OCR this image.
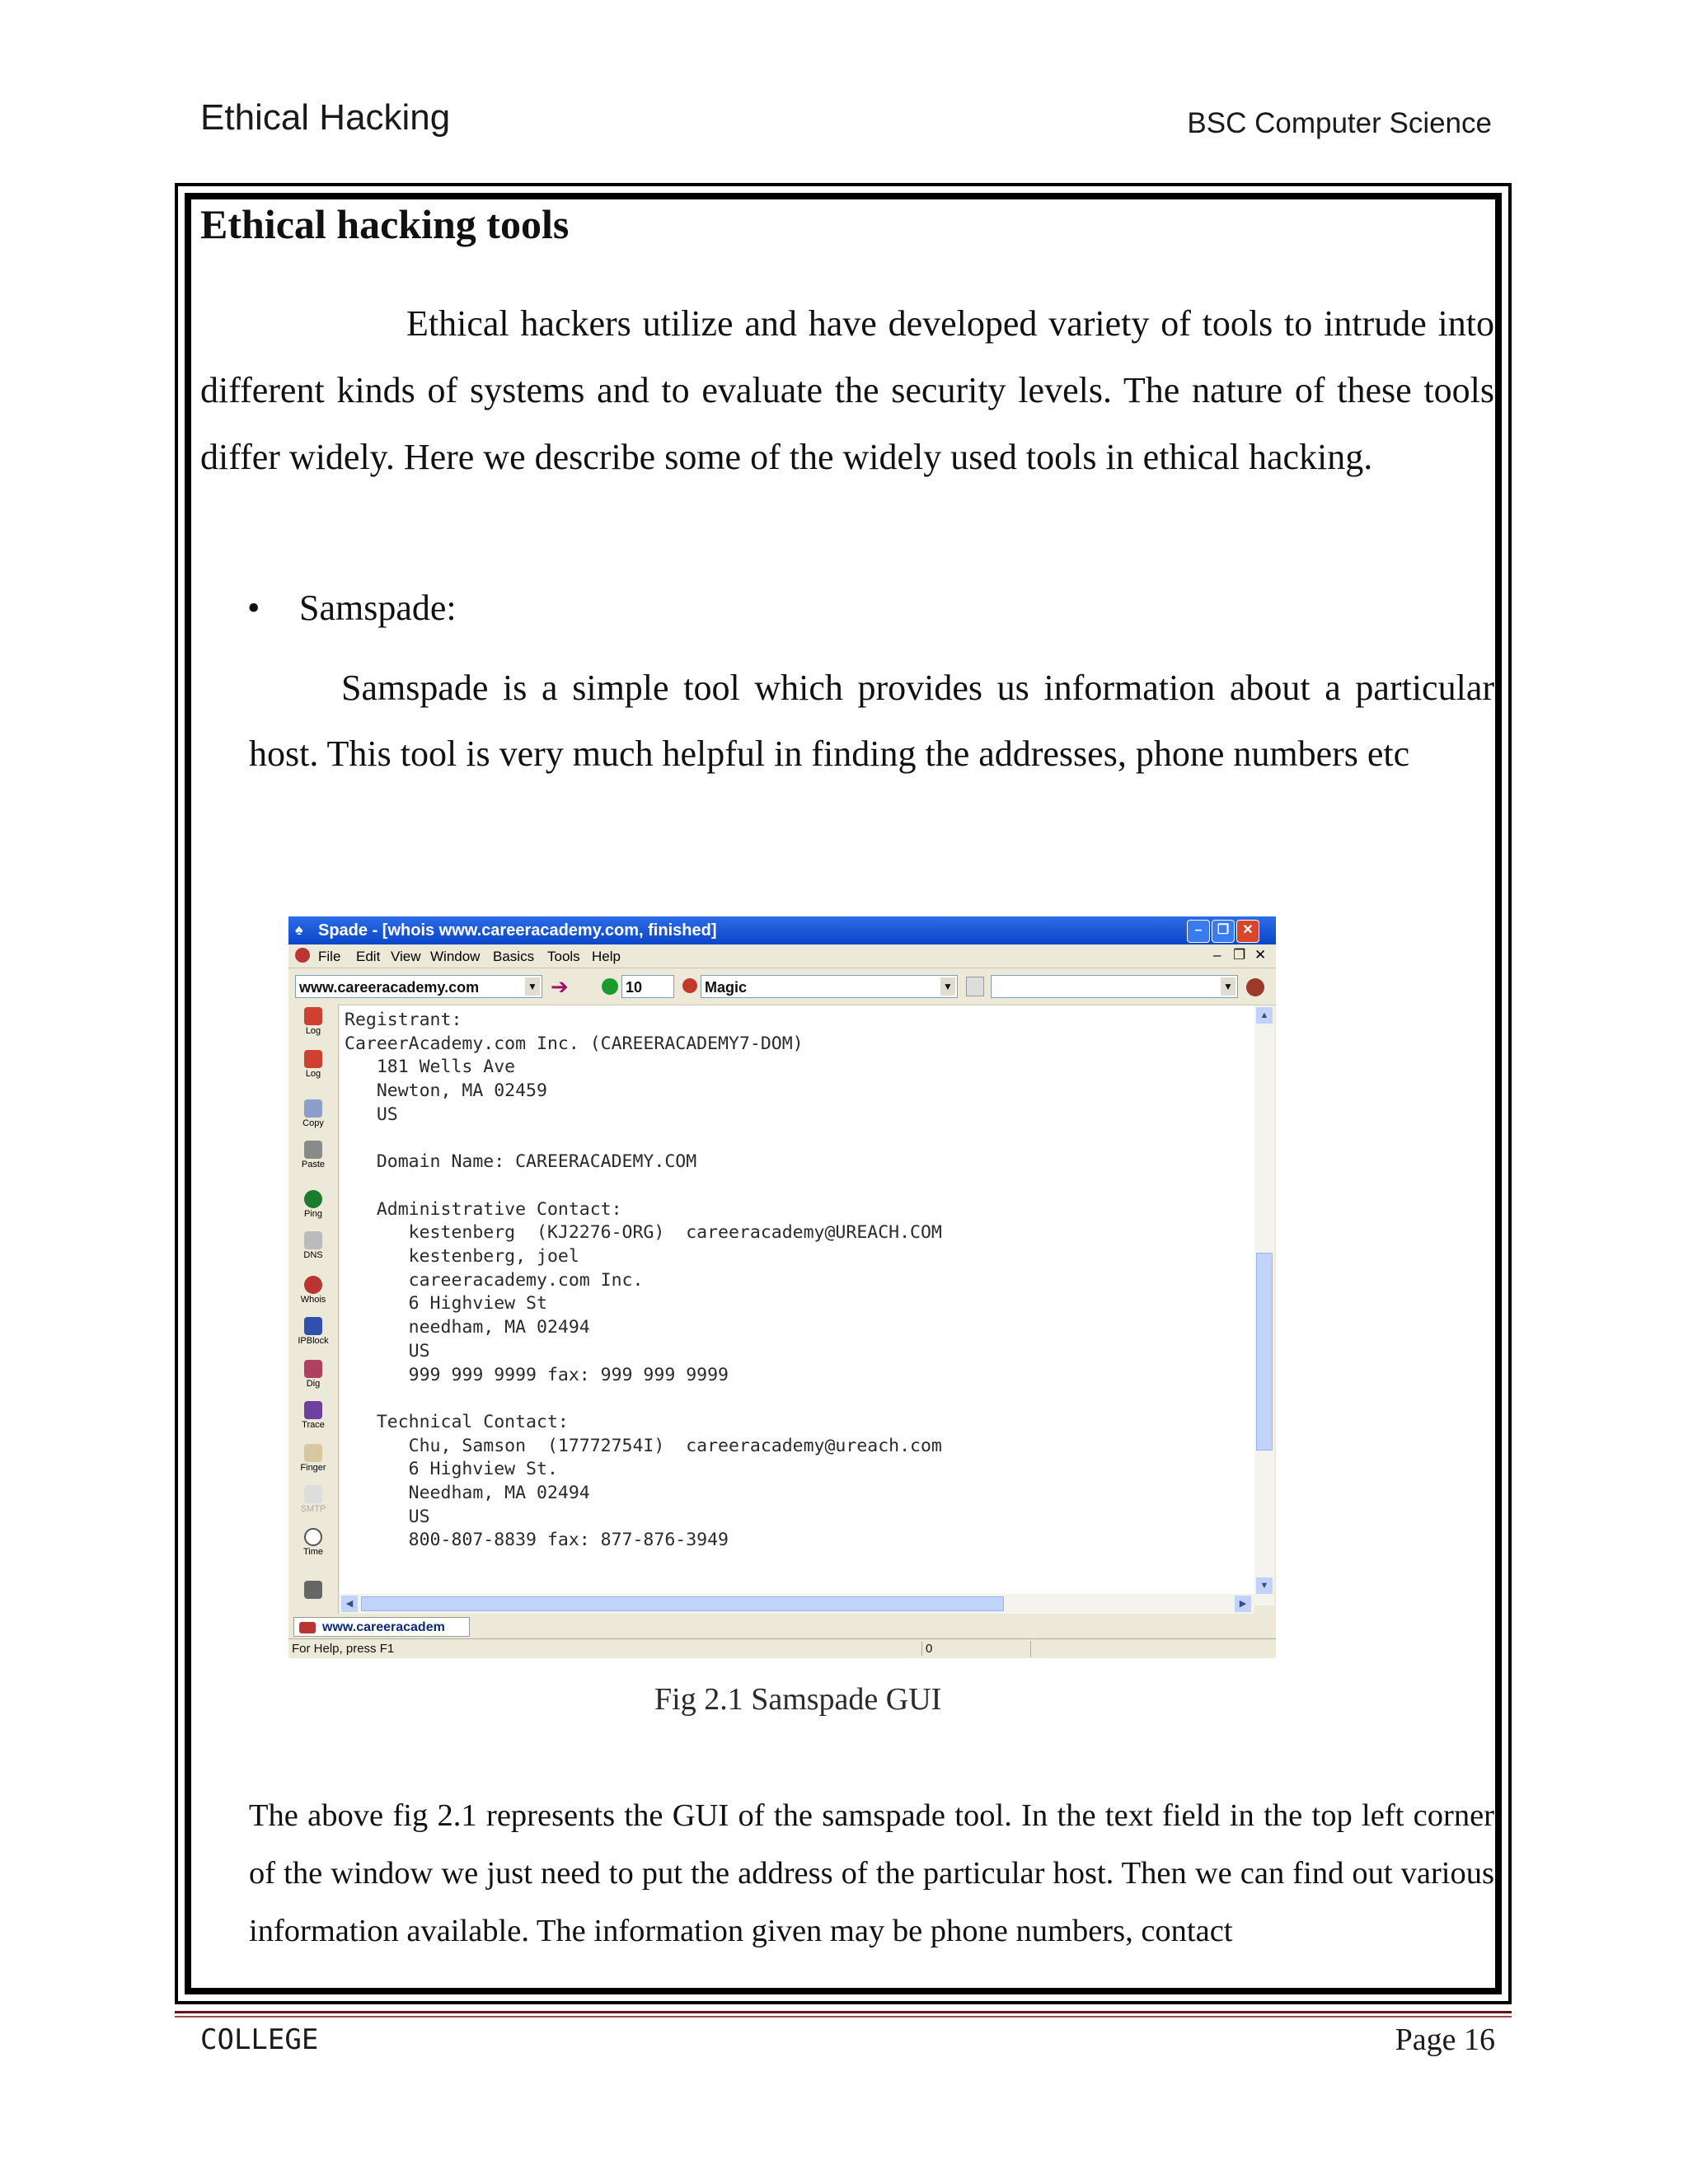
Ethical Hacking	BSC Computer Science
Ethical hacking tools
Ethical hackers utilize and have developed variety of tools to intrude into different kinds of systems and to evaluate the security levels. The nature of these tools differ widely. Here we describe some of the widely used tools in ethical hacking.
• Samspade:
Samspade is a simple tool which provides us information about a particular host. This tool is very much helpful in finding the addresses, phone numbers etc
♠ Spade - [whois www.careeracademy.com, finished]	–	❐	✕
File Edit View Window Basics Tools Help	– ❐ ✕
www.careeracademy.com	▼ ➔	10	Magic	▼	▼
Log
Log
Copy
Paste
Ping
DNS
Whois
IPBlock
Dig
Trace
Finger
SMTP
Time
Registrant:
CareerAcademy.com Inc. (CAREERACADEMY7-DOM)
181 Wells Ave
Newton, MA 02459
US

Domain Name: CAREERACADEMY.COM

Administrative Contact:
kestenberg  (KJ2276-ORG)  careeracademy@UREACH.COM
kestenberg, joel
careeracademy.com Inc.
6 Highview St
needham, MA 02494
US
999 999 9999 fax: 999 999 9999

Technical Contact:
Chu, Samson  (17772754I)  careeracademy@ureach.com
6 Highview St.
Needham, MA 02494
US
800-807-8839 fax: 877-876-3949
▲
▼
◀	▶
www.careeracadem
For Help, press F1	0
Fig 2.1 Samspade GUI
The above fig 2.1 represents the GUI of the samspade tool. In the text field in the top left corner of the window we just need to put the address of the particular host. Then we can find out various information available. The information given may be phone numbers, contact
COLLEGE	Page 16
